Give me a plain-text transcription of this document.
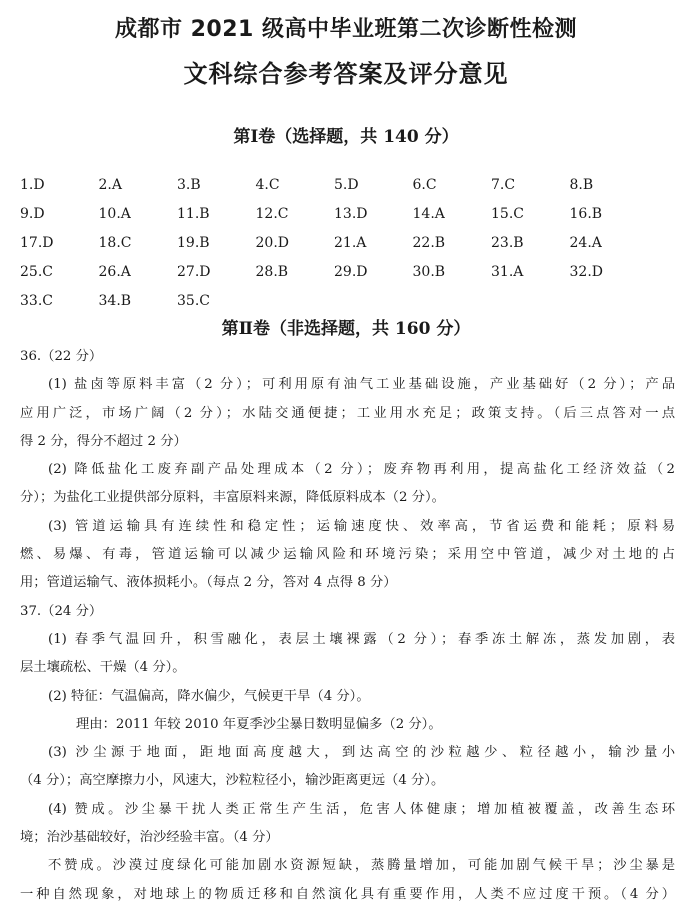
成都市 2021 级高中毕业班第二次诊断性检测
文科综合参考答案及评分意见
第Ⅰ卷（选择题，共 140 分）
1.D	2.A	3.B	4.C	5.D	6.C	7.C	8.B
9.D	10.A	11.B	12.C	13.D	14.A	15.C	16.B
17.D	18.C	19.B	20.D	21.A	22.B	23.B	24.A
25.C	26.A	27.D	28.B	29.D	30.B	31.A	32.D
33.C	34.B	35.C
第Ⅱ卷（非选择题，共 160 分）
36.（22 分）
(1) 盐卤等原料丰富（2 分）；可利用原有油气工业基础设施，产业基础好（2 分）；产品
应用广泛，市场广阔（2 分）；水陆交通便捷；工业用水充足；政策支持。（后三点答对一点
得 2 分，得分不超过 2 分）
(2) 降低盐化工废弃副产品处理成本（2 分）；废弃物再利用，提高盐化工经济效益（2
分）；为盐化工业提供部分原料，丰富原料来源，降低原料成本（2 分）。
(3) 管道运输具有连续性和稳定性；运输速度快、效率高，节省运费和能耗；原料易
燃、易爆、有毒，管道运输可以减少运输风险和环境污染；采用空中管道，减少对土地的占
用；管道运输气、液体损耗小。（每点 2 分，答对 4 点得 8 分）
37.（24 分）
(1) 春季气温回升，积雪融化，表层土壤裸露（2 分）；春季冻土解冻，蒸发加剧，表
层土壤疏松、干燥（4 分）。
(2) 特征：气温偏高，降水偏少，气候更干旱（4 分）。
理由：2011 年较 2010 年夏季沙尘暴日数明显偏多（2 分）。
(3) 沙尘源于地面，距地面高度越大，到达高空的沙粒越少、粒径越小，输沙量小
（4 分）；高空摩擦力小，风速大，沙粒粒径小，输沙距离更远（4 分）。
(4) 赞成。沙尘暴干扰人类正常生产生活，危害人体健康；增加植被覆盖，改善生态环
境；治沙基础较好，治沙经验丰富。（4 分）
不赞成。沙漠过度绿化可能加剧水资源短缺，蒸腾量增加，可能加剧气候干旱；沙尘暴是
一种自然现象，对地球上的物质迁移和自然演化具有重要作用，人类不应过度干预。（4 分）
